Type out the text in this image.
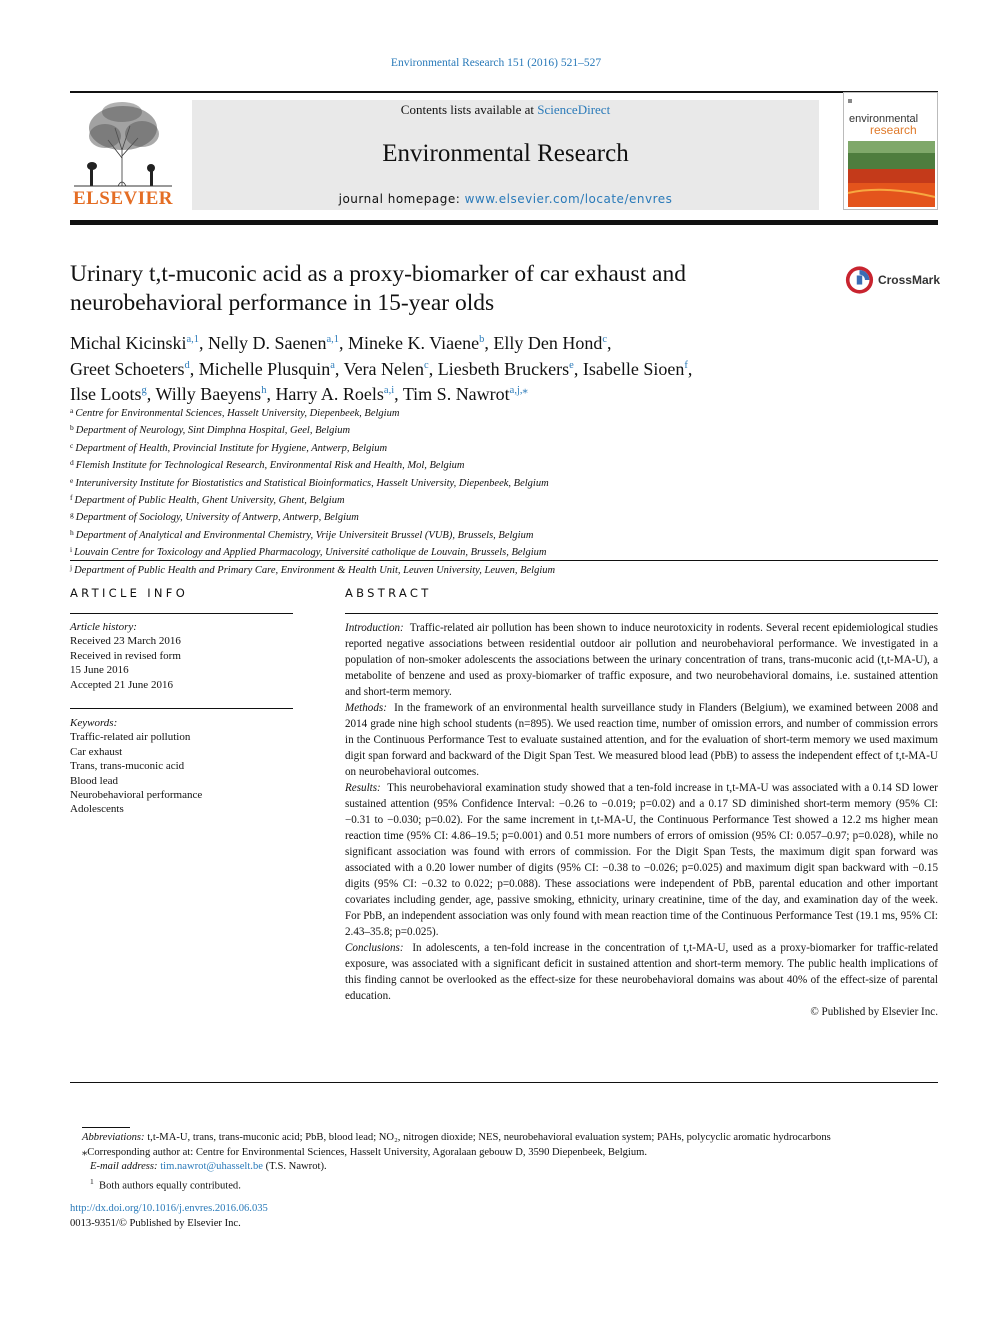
Environmental Research 151 (2016) 521–527
ELSEVIER
Contents lists available at ScienceDirect
Environmental Research
journal homepage: www.elsevier.com/locate/envres
environmental
research
Urinary t,t-muconic acid as a proxy-biomarker of car exhaust and neurobehavioral performance in 15-year olds
CrossMark
Michal Kicinski$^{a,1}$, Nelly D. Saenen$^{a,1}$, Mineke K. Viaene$^b$, Elly Den Hond$^c$,
Greet Schoeters$^d$, Michelle Plusquin$^a$, Vera Nelen$^c$, Liesbeth Bruckers$^e$, Isabelle Sioen$^f$,
Ilse Loots$^g$, Willy Baeyens$^h$, Harry A. Roels$^{a,i}$, Tim S. Nawrot$^{a,j,⁎}$
$^a$ Centre for Environmental Sciences, Hasselt University, Diepenbeek, Belgium
$^b$ Department of Neurology, Sint Dimphna Hospital, Geel, Belgium
$^c$ Department of Health, Provincial Institute for Hygiene, Antwerp, Belgium
$^d$ Flemish Institute for Technological Research, Environmental Risk and Health, Mol, Belgium
$^e$ Interuniversity Institute for Biostatistics and Statistical Bioinformatics, Hasselt University, Diepenbeek, Belgium
$^f$ Department of Public Health, Ghent University, Ghent, Belgium
$^g$ Department of Sociology, University of Antwerp, Antwerp, Belgium
$^h$ Department of Analytical and Environmental Chemistry, Vrije Universiteit Brussel (VUB), Brussels, Belgium
$^i$ Louvain Centre for Toxicology and Applied Pharmacology, Université catholique de Louvain, Brussels, Belgium
$^j$ Department of Public Health and Primary Care, Environment & Health Unit, Leuven University, Leuven, Belgium
ARTICLE INFO
Article history:
Received 23 March 2016
Received in revised form
15 June 2016
Accepted 21 June 2016
Keywords:
Traffic-related air pollution
Car exhaust
Trans, trans-muconic acid
Blood lead
Neurobehavioral performance
Adolescents
ABSTRACT
Introduction: Traffic-related air pollution has been shown to induce neurotoxicity in rodents. Several recent epidemiological studies reported negative associations between residential outdoor air pollution and neurobehavioral performance. We investigated in a population of non-smoker adolescents the associations between the urinary concentration of trans, trans-muconic acid (t,t-MA-U), a metabolite of benzene and used as proxy-biomarker of traffic exposure, and two neurobehavioral domains, i.e. sustained attention and short-term memory.
Methods: In the framework of an environmental health surveillance study in Flanders (Belgium), we examined between 2008 and 2014 grade nine high school students (n=895). We used reaction time, number of omission errors, and number of commission errors in the Continuous Performance Test to evaluate sustained attention, and for the evaluation of short-term memory we used maximum digit span forward and backward of the Digit Span Test. We measured blood lead (PbB) to assess the independent effect of t,t-MA-U on neurobehavioral outcomes.
Results: This neurobehavioral examination study showed that a ten-fold increase in t,t-MA-U was associated with a 0.14 SD lower sustained attention (95% Confidence Interval: −0.26 to −0.019; p=0.02) and a 0.17 SD diminished short-term memory (95% CI: −0.31 to −0.030; p=0.02). For the same increment in t,t-MA-U, the Continuous Performance Test showed a 12.2 ms higher mean reaction time (95% CI: 4.86–19.5; p=0.001) and 0.51 more numbers of errors of omission (95% CI: 0.057–0.97; p=0.028), while no significant association was found with errors of commission. For the Digit Span Tests, the maximum digit span forward was associated with a 0.20 lower number of digits (95% CI: −0.38 to −0.026; p=0.025) and maximum digit span backward with −0.15 digits (95% CI: −0.32 to 0.022; p=0.088). These associations were independent of PbB, parental education and other important covariates including gender, age, passive smoking, ethnicity, urinary creatinine, time of the day, and examination day of the week. For PbB, an independent association was only found with mean reaction time of the Continuous Performance Test (19.1 ms, 95% CI: 2.43–35.8; p=0.025).
Conclusions: In adolescents, a ten-fold increase in the concentration of t,t-MA-U, used as a proxy-biomarker for traffic-related exposure, was associated with a significant deficit in sustained attention and short-term memory. The public health implications of this finding cannot be overlooked as the effect-size for these neurobehavioral domains was about 40% of the effect-size of parental education.
© Published by Elsevier Inc.
Abbreviations: t,t-MA-U, trans, trans-muconic acid; PbB, blood lead; NO₂, nitrogen dioxide; NES, neurobehavioral evaluation system; PAHs, polycyclic aromatic hydrocarbons
⁎Corresponding author at: Centre for Environmental Sciences, Hasselt University, Agoralaan gebouw D, 3590 Diepenbeek, Belgium.
E-mail address: tim.nawrot@uhasselt.be (T.S. Nawrot).
$^1$ Both authors equally contributed.
http://dx.doi.org/10.1016/j.envres.2016.06.035
0013-9351/© Published by Elsevier Inc.
